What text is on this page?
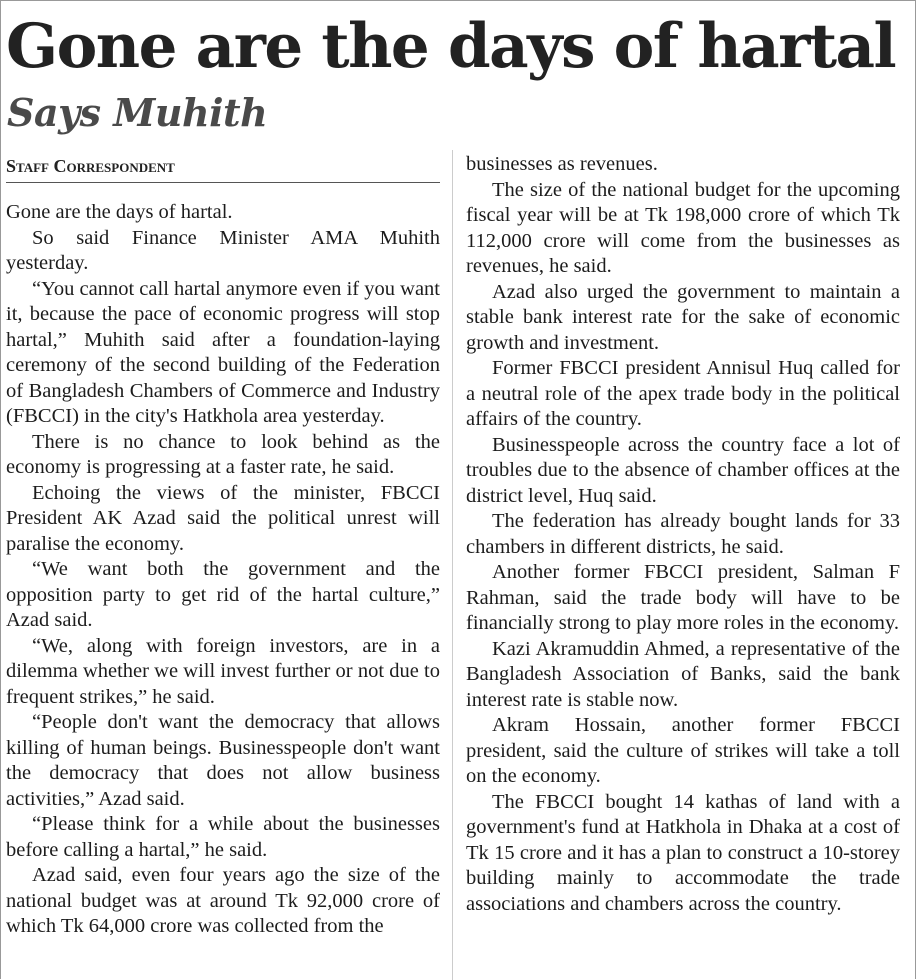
Gone are the days of hartal
Says Muhith
Staff Correspondent

Gone are the days of hartal.

So said Finance Minister AMA Muhith yesterday.

“You cannot call hartal anymore even if you want it, because the pace of economic progress will stop hartal,” Muhith said after a foundation-laying ceremony of the second building of the Federation of Bangladesh Chambers of Commerce and Industry (FBCCI) in the city's Hatkhola area yesterday.

There is no chance to look behind as the economy is progressing at a faster rate, he said.

Echoing the views of the minister, FBCCI President AK Azad said the political unrest will paralise the economy.

“We want both the government and the opposition party to get rid of the hartal culture,” Azad said.

“We, along with foreign investors, are in a dilemma whether we will invest further or not due to frequent strikes,” he said.

“People don't want the democracy that allows killing of human beings. Businesspeople don't want the democracy that does not allow business activities,” Azad said.

“Please think for a while about the businesses before calling a hartal,” he said.

Azad said, even four years ago the size of the national budget was at around Tk 92,000 crore of which Tk 64,000 crore was collected from the

businesses as revenues.

The size of the national budget for the upcoming fiscal year will be at Tk 198,000 crore of which Tk 112,000 crore will come from the businesses as revenues, he said.

Azad also urged the government to maintain a stable bank interest rate for the sake of economic growth and investment.

Former FBCCI president Annisul Huq called for a neutral role of the apex trade body in the political affairs of the country.

Businesspeople across the country face a lot of troubles due to the absence of chamber offices at the district level, Huq said.

The federation has already bought lands for 33 chambers in different districts, he said.

Another former FBCCI president, Salman F Rahman, said the trade body will have to be financially strong to play more roles in the economy.

Kazi Akramuddin Ahmed, a representative of the Bangladesh Association of Banks, said the bank interest rate is stable now.

Akram Hossain, another former FBCCI president, said the culture of strikes will take a toll on the economy.

The FBCCI bought 14 kathas of land with a government's fund at Hatkhola in Dhaka at a cost of Tk 15 crore and it has a plan to construct a 10-storey building mainly to accommodate the trade associations and chambers across the country.
